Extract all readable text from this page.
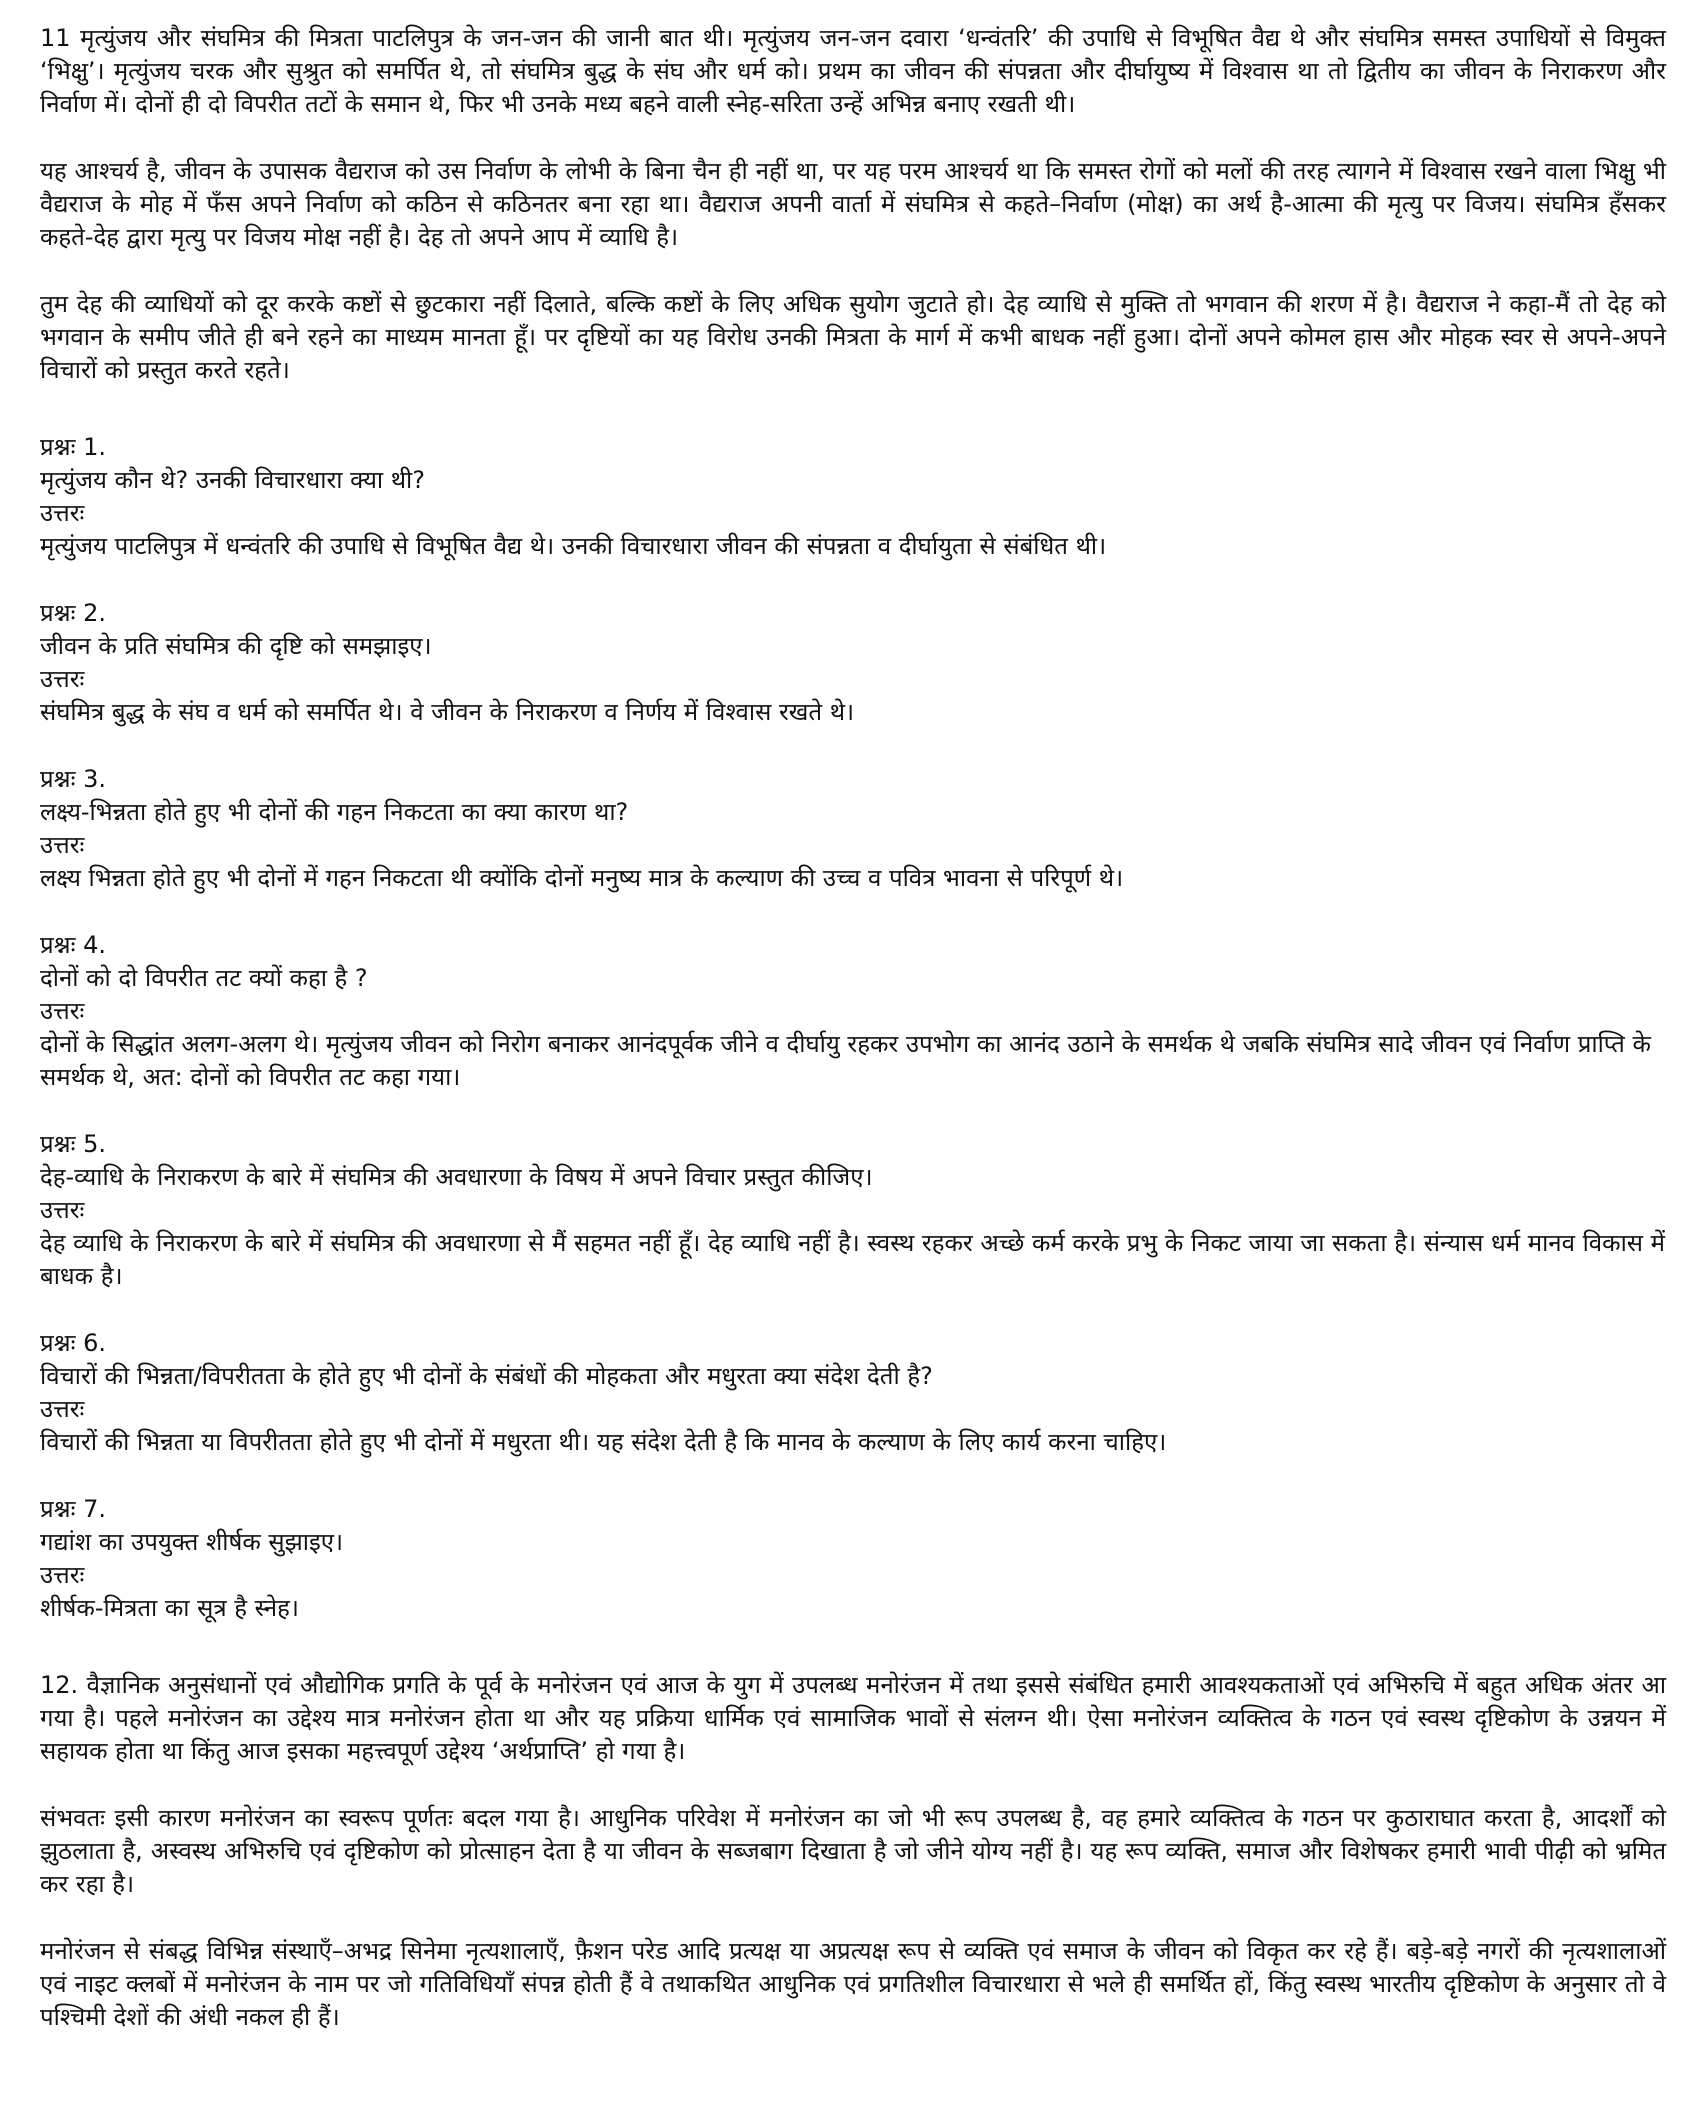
11 मृत्युंजय और संघमित्र की मित्रता पाटलिपुत्र के जन-जन की जानी बात थी। मृत्युंजय जन-जन दवारा ‘धन्वंतरि’ की उपाधि से विभूषित वैद्य थे और संघमित्र समस्त उपाधियों से विमुक्त ‘भिक्षु’। मृत्युंजय चरक और सुश्रुत को समर्पित थे, तो संघमित्र बुद्ध के संघ और धर्म को। प्रथम का जीवन की संपन्नता और दीर्घायुष्य में विश्वास था तो द्वितीय का जीवन के निराकरण और निर्वाण में। दोनों ही दो विपरीत तटों के समान थे, फिर भी उनके मध्य बहने वाली स्नेह-सरिता उन्हें अभिन्न बनाए रखती थी।

यह आश्चर्य है, जीवन के उपासक वैद्यराज को उस निर्वाण के लोभी के बिना चैन ही नहीं था, पर यह परम आश्चर्य था कि समस्त रोगों को मलों की तरह त्यागने में विश्वास रखने वाला भिक्षु भी वैद्यराज के मोह में फँस अपने निर्वाण को कठिन से कठिनतर बना रहा था। वैद्यराज अपनी वार्ता में संघमित्र से कहते–निर्वाण (मोक्ष) का अर्थ है-आत्मा की मृत्यु पर विजय। संघमित्र हँसकर कहते-देह द्वारा मृत्यु पर विजय मोक्ष नहीं है। देह तो अपने आप में व्याधि है।

तुम देह की व्याधियों को दूर करके कष्टों से छुटकारा नहीं दिलाते, बल्कि कष्टों के लिए अधिक सुयोग जुटाते हो। देह व्याधि से मुक्ति तो भगवान की शरण में है। वैद्यराज ने कहा-मैं तो देह को भगवान के समीप जीते ही बने रहने का माध्यम मानता हूँ। पर दृष्टियों का यह विरोध उनकी मित्रता के मार्ग में कभी बाधक नहीं हुआ। दोनों अपने कोमल हास और मोहक स्वर से अपने-अपने विचारों को प्रस्तुत करते रहते।

प्रश्नः 1.
मृत्युंजय कौन थे? उनकी विचारधारा क्या थी?
उत्तरः
मृत्युंजय पाटलिपुत्र में धन्वंतरि की उपाधि से विभूषित वैद्य थे। उनकी विचारधारा जीवन की संपन्नता व दीर्घायुता से संबंधित थी।
प्रश्नः 2.
जीवन के प्रति संघमित्र की दृष्टि को समझाइए।
उत्तरः
संघमित्र बुद्ध के संघ व धर्म को समर्पित थे। वे जीवन के निराकरण व निर्णय में विश्वास रखते थे।
प्रश्नः 3.
लक्ष्य-भिन्नता होते हुए भी दोनों की गहन निकटता का क्या कारण था?
उत्तरः
लक्ष्य भिन्नता होते हुए भी दोनों में गहन निकटता थी क्योंकि दोनों मनुष्य मात्र के कल्याण की उच्च व पवित्र भावना से परिपूर्ण थे।
प्रश्नः 4.
दोनों को दो विपरीत तट क्यों कहा है ?
उत्तरः
दोनों के सिद्धांत अलग-अलग थे। मृत्युंजय जीवन को निरोग बनाकर आनंदपूर्वक जीने व दीर्घायु रहकर उपभोग का आनंद उठाने के समर्थक थे जबकि संघमित्र सादे जीवन एवं निर्वाण प्राप्ति के समर्थक थे, अत: दोनों को विपरीत तट कहा गया।
प्रश्नः 5.
देह-व्याधि के निराकरण के बारे में संघमित्र की अवधारणा के विषय में अपने विचार प्रस्तुत कीजिए।
उत्तरः
देह व्याधि के निराकरण के बारे में संघमित्र की अवधारणा से मैं सहमत नहीं हूँ। देह व्याधि नहीं है। स्वस्थ रहकर अच्छे कर्म करके प्रभु के निकट जाया जा सकता है। संन्यास धर्म मानव विकास में बाधक है।
प्रश्नः 6.
विचारों की भिन्नता/विपरीतता के होते हुए भी दोनों के संबंधों की मोहकता और मधुरता क्या संदेश देती है?
उत्तरः
विचारों की भिन्नता या विपरीतता होते हुए भी दोनों में मधुरता थी। यह संदेश देती है कि मानव के कल्याण के लिए कार्य करना चाहिए।
प्रश्नः 7.
गद्यांश का उपयुक्त शीर्षक सुझाइए।
उत्तरः
शीर्षक-मित्रता का सूत्र है स्नेह।

12. वैज्ञानिक अनुसंधानों एवं औद्योगिक प्रगति के पूर्व के मनोरंजन एवं आज के युग में उपलब्ध मनोरंजन में तथा इससे संबंधित हमारी आवश्यकताओं एवं अभिरुचि में बहुत अधिक अंतर आ गया है। पहले मनोरंजन का उद्देश्य मात्र मनोरंजन होता था और यह प्रक्रिया धार्मिक एवं सामाजिक भावों से संलग्न थी। ऐसा मनोरंजन व्यक्तित्व के गठन एवं स्वस्थ दृष्टिकोण के उन्नयन में सहायक होता था किंतु आज इसका महत्त्वपूर्ण उद्देश्य ‘अर्थप्राप्ति’ हो गया है।

संभवतः इसी कारण मनोरंजन का स्वरूप पूर्णतः बदल गया है। आधुनिक परिवेश में मनोरंजन का जो भी रूप उपलब्ध है, वह हमारे व्यक्तित्व के गठन पर कुठाराघात करता है, आदर्शों को झुठलाता है, अस्वस्थ अभिरुचि एवं दृष्टिकोण को प्रोत्साहन देता है या जीवन के सब्जबाग दिखाता है जो जीने योग्य नहीं है। यह रूप व्यक्ति, समाज और विशेषकर हमारी भावी पीढ़ी को भ्रमित कर रहा है।

मनोरंजन से संबद्ध विभिन्न संस्थाएँ–अभद्र सिनेमा नृत्यशालाएँ, फ़ैशन परेड आदि प्रत्यक्ष या अप्रत्यक्ष रूप से व्यक्ति एवं समाज के जीवन को विकृत कर रहे हैं। बड़े-बड़े नगरों की नृत्यशालाओं एवं नाइट क्लबों में मनोरंजन के नाम पर जो गतिविधियाँ संपन्न होती हैं वे तथाकथित आधुनिक एवं प्रगतिशील विचारधारा से भले ही समर्थित हों, किंतु स्वस्थ भारतीय दृष्टिकोण के अनुसार तो वे पश्चिमी देशों की अंधी नकल ही हैं।
